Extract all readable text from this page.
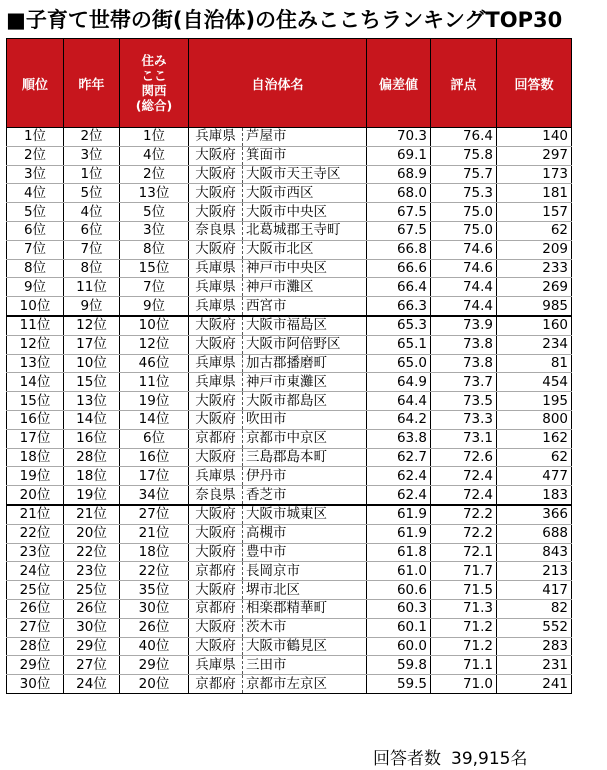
■子育て世帯の街(自治体)の住みここちランキングTOP30
順位	昨年	住み
ここ
関西
(総合)	自治体名		偏差値	評点	回答数
1位	2位	1位	兵庫県	芦屋市	70.3	76.4	140
2位	3位	4位	大阪府	箕面市	69.1	75.8	297
3位	1位	2位	大阪府	大阪市天王寺区	68.9	75.7	173
4位	5位	13位	大阪府	大阪市西区	68.0	75.3	181
5位	4位	5位	大阪府	大阪市中央区	67.5	75.0	157
6位	6位	3位	奈良県	北葛城郡王寺町	67.5	75.0	62
7位	7位	8位	大阪府	大阪市北区	66.8	74.6	209
8位	8位	15位	兵庫県	神戸市中央区	66.6	74.6	233
9位	11位	7位	兵庫県	神戸市灘区	66.4	74.4	269
10位	9位	9位	兵庫県	西宮市	66.3	74.4	985
11位	12位	10位	大阪府	大阪市福島区	65.3	73.9	160
12位	17位	12位	大阪府	大阪市阿倍野区	65.1	73.8	234
13位	10位	46位	兵庫県	加古郡播磨町	65.0	73.8	81
14位	15位	11位	兵庫県	神戸市東灘区	64.9	73.7	454
15位	13位	19位	大阪府	大阪市都島区	64.4	73.5	195
16位	14位	14位	大阪府	吹田市	64.2	73.3	800
17位	16位	6位	京都府	京都市中京区	63.8	73.1	162
18位	28位	16位	大阪府	三島郡島本町	62.7	72.6	62
19位	18位	17位	兵庫県	伊丹市	62.4	72.4	477
20位	19位	34位	奈良県	香芝市	62.4	72.4	183
21位	21位	27位	大阪府	大阪市城東区	61.9	72.2	366
22位	20位	21位	大阪府	高槻市	61.9	72.2	688
23位	22位	18位	大阪府	豊中市	61.8	72.1	843
24位	23位	22位	京都府	長岡京市	61.0	71.7	213
25位	25位	35位	大阪府	堺市北区	60.6	71.5	417
26位	26位	30位	京都府	相楽郡精華町	60.3	71.3	82
27位	30位	26位	大阪府	茨木市	60.1	71.2	552
28位	29位	40位	大阪府	大阪市鶴見区	60.0	71.2	283
29位	27位	29位	兵庫県	三田市	59.8	71.1	231
30位	24位	20位	京都府	京都市左京区	59.5	71.0	241
回答者数 39,915名
